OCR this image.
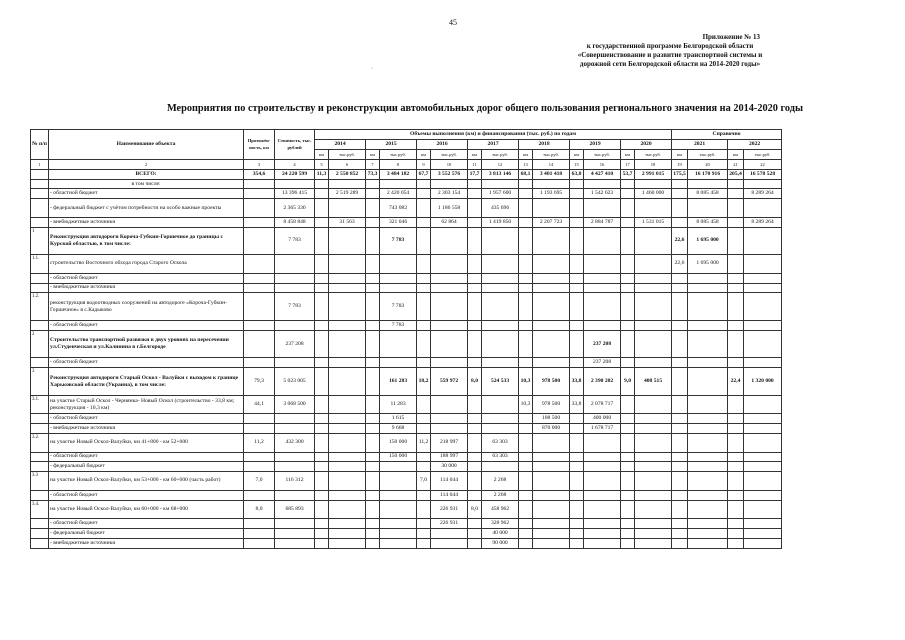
45
·
Приложение № 13
к государственной программе Белгородской области
«Совершенствование и развитие транспортной системы и
дорожной сети Белгородской области на 2014-2020 годы»
Мероприятия по строительству и реконструкции автомобильных дорог общего пользования регионального значения на 2014-2020 годы
№ п/п	Наименование объекта	Протяжён-ность, км	Стоимость, тыс. рублей	Объемы выполнения (км) и финансирования (тыс. руб.) по годам														Справочно			
				2014		2015		2016		2017		2018		2019		2020		2021		2022	
				км	тыс.руб.	км	тыс.руб.	км	тыс.руб.	км	тыс.руб.	км	тыс.руб.	км	тыс.руб.	км	тыс.руб.	км	тыс.руб.	км	тыс.руб.
1	2	3	4	5	6	7	8	9	10	11	12	13	14	15	16	17	18	19	20	21	22
	ВСЕГО:	354,6	24 220 599	11,3	2 550 852	73,3	3 484 182	67,7	3 552 576	17,7	3 813 146	68,1	3 401 418	63,8	4 427 410	53,7	2 991 015	175,5	16 170 916	205,4	16 578 528
	в том числе:																				
	- областной бюджет		13 396 415		2 519 289		2 420 054		2 303 154		1 957 600		1 193 695		1 542 623		1 460 000		8 085 458		8 289 264
	- федеральный бюджет с учётом потребности на особо важные проекты		2 365 336				743 082		1 186 558		435 696										
	- внебюджетные источники		8 458 848		31 563		321 046		62 864		1 419 850		2 207 723		2 884 787		1 531 015		8 085 458		8 289 264
1	Реконструкция автодороги Короча-Губкин-Горшечное до границы с Курской областью, в том числе:		7 783				7 783											22,6	1 695 000		
1.1.	строительство Восточного обхода города Старого Оскола																	22,6	1 695 000		
	- областной бюджет																				
	- внебюджетные источники																				
1.2.	реконструкция водоотводных сооружений на автодороге «Короча-Губкин-Горшечное» в с.Кадыково		7 783				7 783														
	- областной бюджет						7 783														
2	Строительство транспортной развязки в двух уровнях на пересечении ул.Студенческая и ул.Калинина в г.Белгороде		237 208												237 208						
	- областной бюджет														237 208						
3	Реконструкция автодороги Старый Оскол - Валуйки с выходом к границе Харьковской области (Украина), в том числе:	79,3	5 023 005				161 283	18,2	559 972	8,0	524 533	10,3	978 500	33,8	2 390 202	9,0	408 515			22,4	1 320 000
3.1.	на участке Старый Оскол - Чернянка- Новый Оскол (строительство - 33,8 км; реконструкция - 10,3 км)	44,1	3 068 500				11 283					10,3	978 500	33,8	2 078 717						
	- областной бюджет						1 615						108 500		400 000						
	- внебюджетные источники						9 668						870 000		1 678 717						
3.2.	на участке Новый Оскол-Валуйки, км 41+800 - км 52+000	11,2	432 300				150 000	11,2	218 997		63 303										
	- областной бюджет						150 000		188 997		63 303										
	- федеральный бюджет								30 000												
3.3	на участке Новый Оскол-Валуйки, км 53+000 - км 60+000 (часть работ)	7,0	116 312					7,0	114 044		2 268										
	- областной бюджет								114 044		2 268										
3.4.	на участке Новый Оскол-Валуйки, км 60+000 - км 68+000	8,0	685 893						226 931	8,0	458 962										
	- областной бюджет								226 931		328 962										
	- федеральный бюджет										40 000										
	- внебюджетные источники										90 000										
